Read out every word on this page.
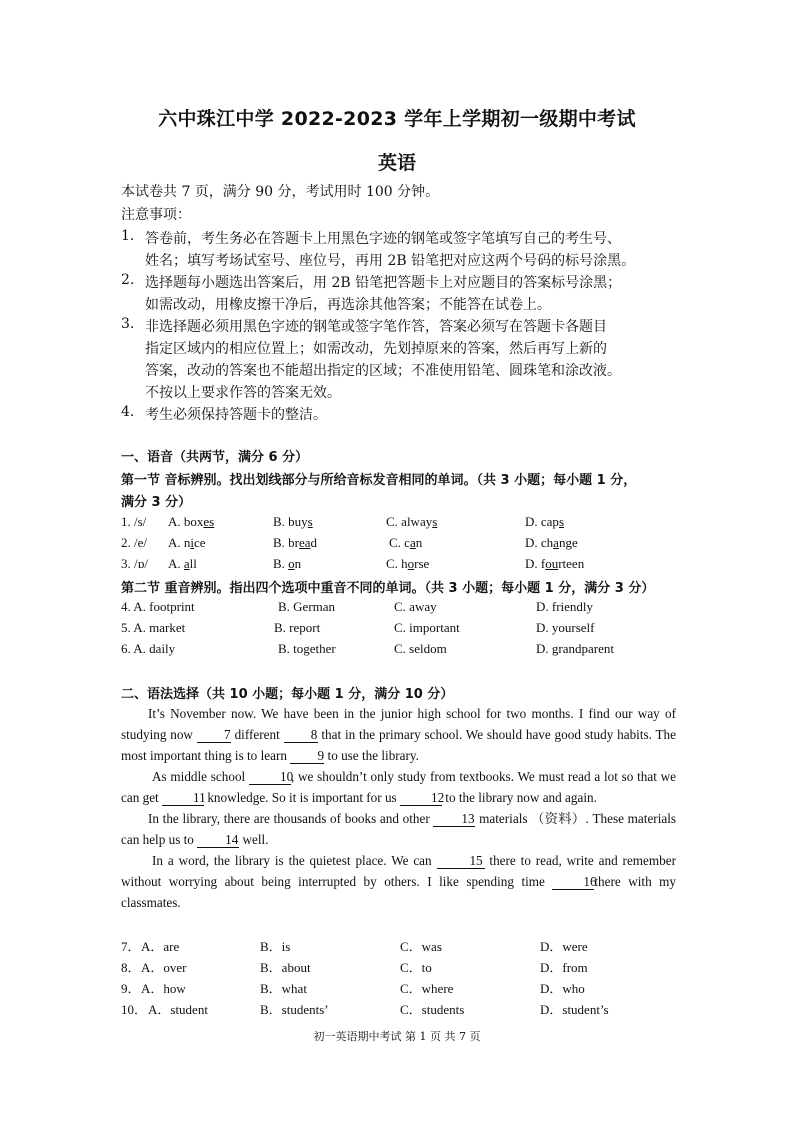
六中珠江中学 2022-2023 学年上学期初一级期中考试
英语
本试卷共 7 页，满分 90 分，考试用时 100 分钟。
注意事项：
1. 答卷前，考生务必在答题卡上用黑色字迹的钢笔或签字笔填写自己的考生号、
姓名；填写考场试室号、座位号，再用 2B 铅笔把对应这两个号码的标号涂黑。
2. 选择题每小题选出答案后，用 2B 铅笔把答题卡上对应题目的答案标号涂黑；
如需改动，用橡皮擦干净后，再选涂其他答案；不能答在试卷上。
3. 非选择题必须用黑色字迹的钢笔或签字笔作答，答案必须写在答题卡各题目
指定区域内的相应位置上；如需改动，先划掉原来的答案，然后再写上新的
答案，改动的答案也不能超出指定的区域；不准使用铅笔、圆珠笔和涂改液。
不按以上要求作答的答案无效。
4. 考生必须保持答题卡的整洁。
一、语音（共两节，满分 6 分）
第一节 音标辨别。找出划线部分与所给音标发音相同的单词。（共 3 小题；每小题 1 分，
满分 3 分）
1. /s/ A. boxes	B. buys	C. always	D. caps
2. /e/ A. nice	B. bread	C. can	D. change
3. /ɒ/ A. all	B. on	C. horse	D. fourteen
第二节 重音辨别。指出四个选项中重音不同的单词。（共 3 小题；每小题 1 分，满分 3 分）
4. A. footprint	B. German	C. away	D. friendly
5. A. market	B. report	C. important	D. yourself
6. A. daily	B. together	C. seldom	D. grandparent
二、语法选择（共 10 小题；每小题 1 分，满分 10 分）

It’s November now. We have been in the junior high school for two months. I find our way of studying now 7 different 8 that in the primary school. We should have good study habits. The most important thing is to learn 9 to use the library.

As middle school	10, we shouldn’t only study from textbooks. We must read a lot so that we can get	11 knowledge. So it is important for us	12 to the library now and again.

In the library, there are thousands of books and other 13 materials （资料）. These materials can help us to 14 well.

In a word, the library is the quietest place. We can	15 there to read, write and remember without worrying about being interrupted by others. I like spending time	16there with my classmates.

7． A．are	B．is	C．was	D．were
8． A．over	B．about	C．to	D．from
9． A．how	B．what	C．where	D．who
10． A．student	B．students’	C．students	D．student’s
初一英语期中考试 第 1 页 共 7 页
